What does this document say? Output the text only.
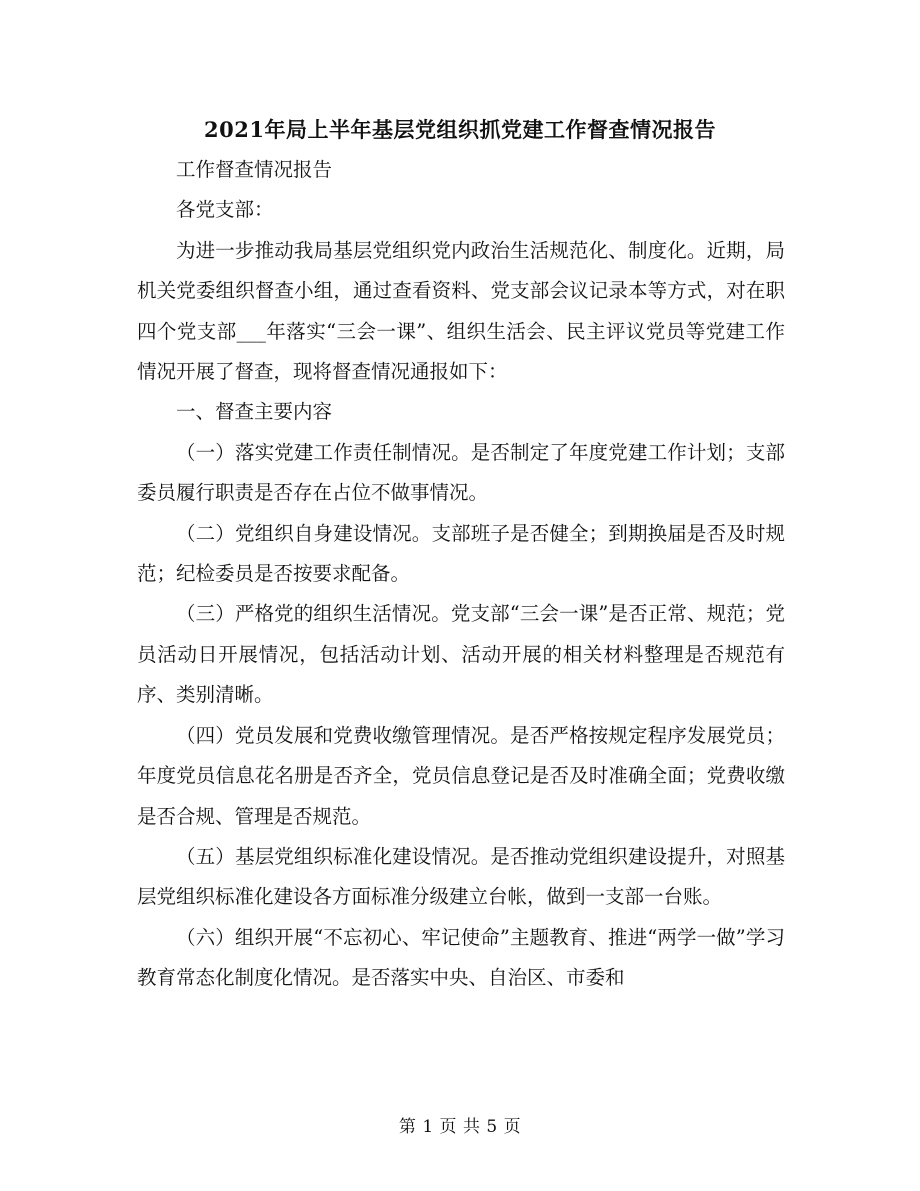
2021年局上半年基层党组织抓党建工作督查情况报告

工作督查情况报告

各党支部：

为进一步推动我局基层党组织党内政治生活规范化、制度化。近期，局机关党委组织督查小组，通过查看资料、党支部会议记录本等方式，对在职四个党支部___年落实“三会一课”、组织生活会、民主评议党员等党建工作情况开展了督查，现将督查情况通报如下：

一、督查主要内容

（一）落实党建工作责任制情况。是否制定了年度党建工作计划；支部委员履行职责是否存在占位不做事情况。

（二）党组织自身建设情况。支部班子是否健全；到期换届是否及时规范；纪检委员是否按要求配备。

（三）严格党的组织生活情况。党支部“三会一课”是否正常、规范；党员活动日开展情况，包括活动计划、活动开展的相关材料整理是否规范有序、类别清晰。

（四）党员发展和党费收缴管理情况。是否严格按规定程序发展党员；年度党员信息花名册是否齐全，党员信息登记是否及时准确全面；党费收缴是否合规、管理是否规范。

（五）基层党组织标准化建设情况。是否推动党组织建设提升，对照基层党组织标准化建设各方面标准分级建立台帐，做到一支部一台账。

（六）组织开展“不忘初心、牢记使命”主题教育、推进“两学一做”学习教育常态化制度化情况。是否落实中央、自治区、市委和

第 1 页 共 5 页
